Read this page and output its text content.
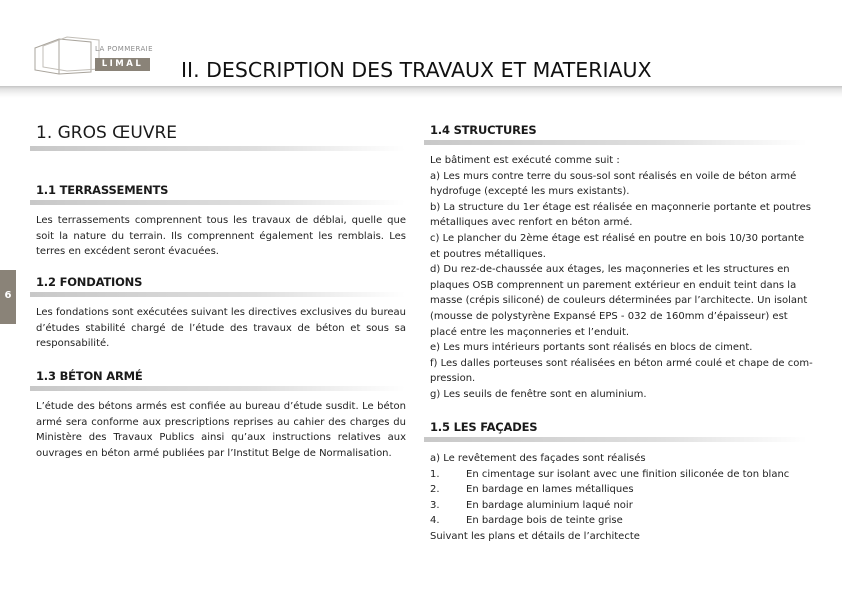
LA POMMERAIE
LIMAL	II. DESCRIPTION DES TRAVAUX ET MATERIAUX
6
1. GROS ŒUVRE
1.1 TERRASSEMENTS

Les terrassements comprennent tous les travaux de déblai, quelle que soit la nature du terrain. Ils comprennent également les remblais. Les terres en excédent seront évacuées.

1.2 FONDATIONS

Les fondations sont exécutées suivant les directives exclusives du bureau d’études stabilité chargé de l’étude des travaux de béton et sous sa responsabilité.

1.3 BÉTON ARMÉ

L’étude des bétons armés est confiée au bureau d’étude susdit. Le béton armé sera conforme aux prescriptions reprises au cahier des charges du Ministère des Travaux Publics ainsi qu’aux instructions relatives aux ouvrages en béton armé publiées par l’Institut Belge de Normalisation.

1.4 STRUCTURES
Le bâtiment est exécuté comme suit :
a) Les murs contre terre du sous-sol sont réalisés en voile de béton armé
hydrofuge (excepté les murs existants).
b) La structure du 1er étage est réalisée en maçonnerie portante et poutres
métalliques avec renfort en béton armé.
c) Le plancher du 2ème étage est réalisé en poutre en bois 10/30 portante
et poutres métalliques.
d) Du rez-de-chaussée aux étages, les maçonneries et les structures en
plaques OSB comprennent un parement extérieur en enduit teint dans la
masse (crépis siliconé) de couleurs déterminées par l’architecte. Un isolant
(mousse de polystyrène Expansé EPS - 032 de 160mm d’épaisseur) est
placé entre les maçonneries et l’enduit.
e) Les murs intérieurs portants sont réalisés en blocs de ciment.
f) Les dalles porteuses sont réalisées en béton armé coulé et chape de com-
pression.
g) Les seuils de fenêtre sont en aluminium.
1.5 LES FAÇADES
a) Le revêtement des façades sont réalisés
1.	En cimentage sur isolant avec une finition siliconée de ton blanc
2.	En bardage en lames métalliques
3.	En bardage aluminium laqué noir
4.	En bardage bois de teinte grise
Suivant les plans et détails de l’architecte
